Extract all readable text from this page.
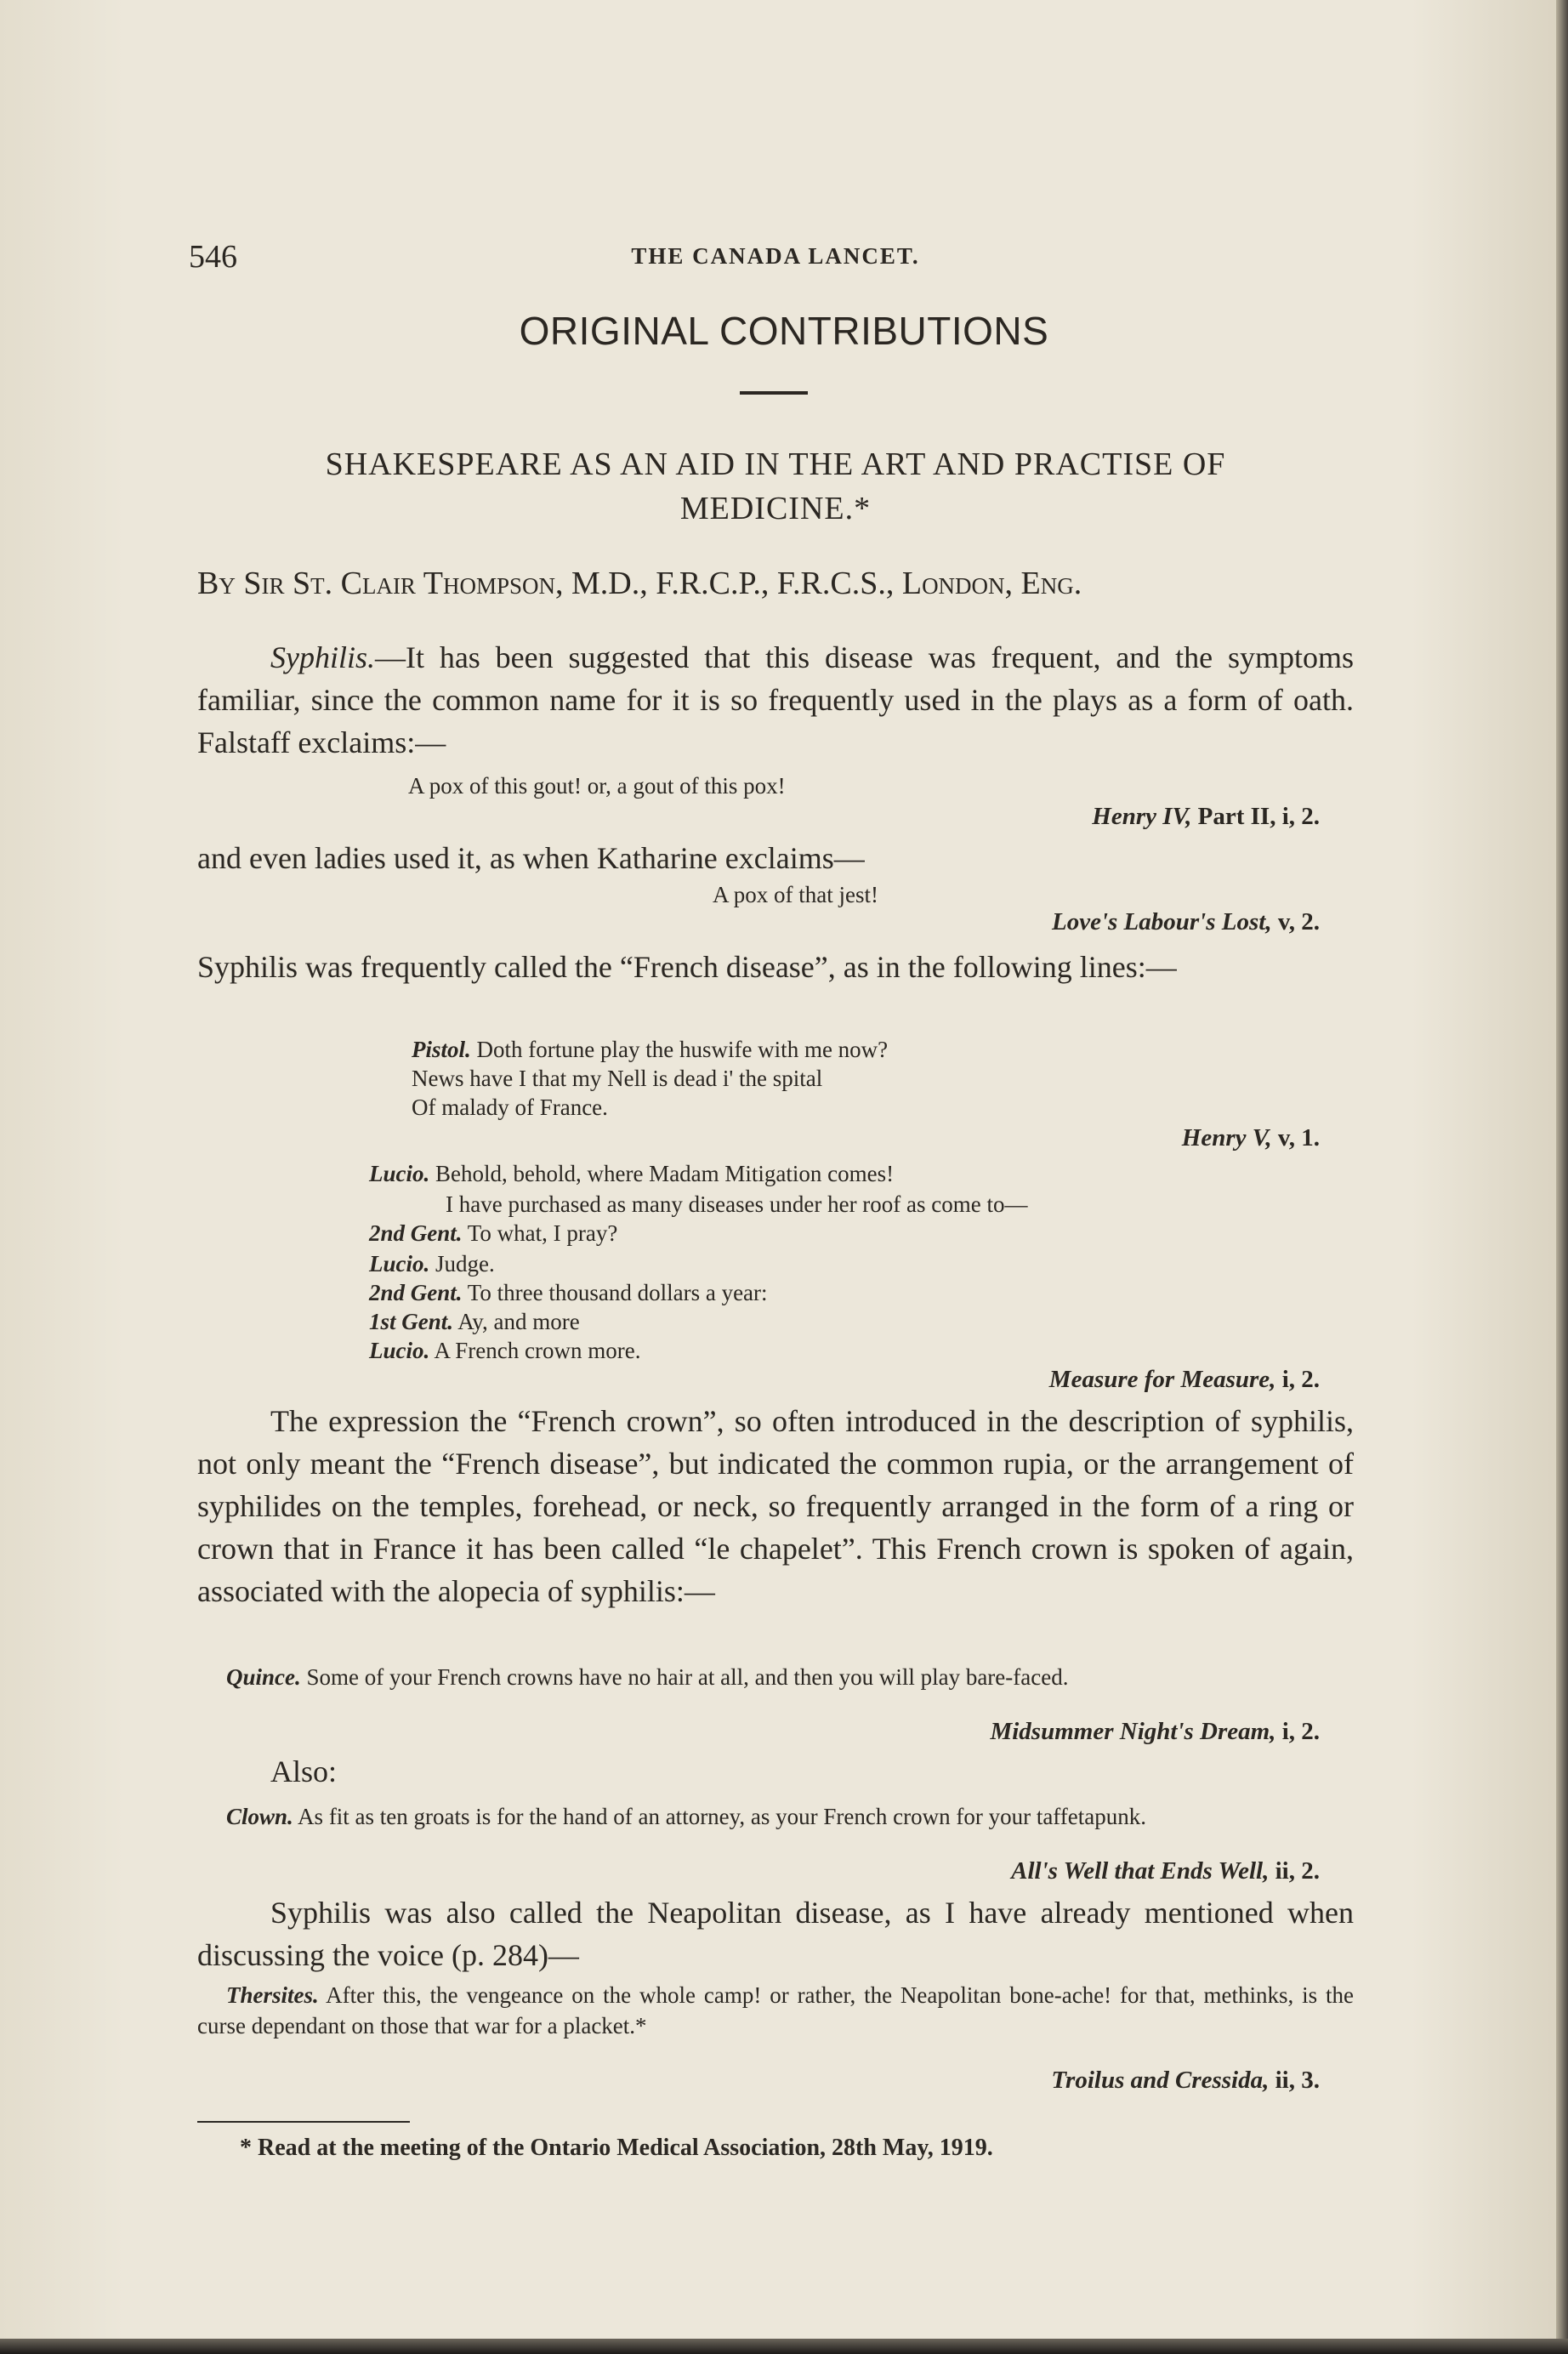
546	THE CANADA LANCET.
ORIGINAL CONTRIBUTIONS
SHAKESPEARE AS AN AID IN THE ART AND PRACTISE OF
MEDICINE.*
By Sir St. Clair Thompson, M.D., F.R.C.P., F.R.C.S., London, Eng.
Syphilis.—It has been suggested that this disease was frequent, and the symptoms familiar, since the common name for it is so frequently used in the plays as a form of oath. Falstaff exclaims:—
A pox of this gout! or, a gout of this pox!
Henry IV, Part II, i, 2.
and even ladies used it, as when Katharine exclaims—
A pox of that jest!
Love's Labour's Lost, v, 2.
Syphilis was frequently called the “French disease”, as in the following lines:—
Pistol. Doth fortune play the huswife with me now?
News have I that my Nell is dead i' the spital
Of malady of France.
Henry V, v, 1.
Lucio. Behold, behold, where Madam Mitigation comes!
I have purchased as many diseases under her roof as come to—
2nd Gent. To what, I pray?
Lucio. Judge.
2nd Gent. To three thousand dollars a year:
1st Gent. Ay, and more
Lucio. A French crown more.
Measure for Measure, i, 2.
The expression the “French crown”, so often introduced in the description of syphilis, not only meant the “French disease”, but indicated the common rupia, or the arrangement of syphilides on the temples, forehead, or neck, so frequently arranged in the form of a ring or crown that in France it has been called “le chapelet”. This French crown is spoken of again, associated with the alopecia of syphilis:—
Quince. Some of your French crowns have no hair at all, and then you will play bare-faced.
Midsummer Night's Dream, i, 2.
Also:
Clown. As fit as ten groats is for the hand of an attorney, as your French crown for your taffetapunk.
All's Well that Ends Well, ii, 2.
Syphilis was also called the Neapolitan disease, as I have already mentioned when discussing the voice (p. 284)—
Thersites. After this, the vengeance on the whole camp! or rather, the Neapolitan bone-ache! for that, methinks, is the curse dependant on those that war for a placket.*
Troilus and Cressida, ii, 3.
* Read at the meeting of the Ontario Medical Association, 28th May, 1919.
